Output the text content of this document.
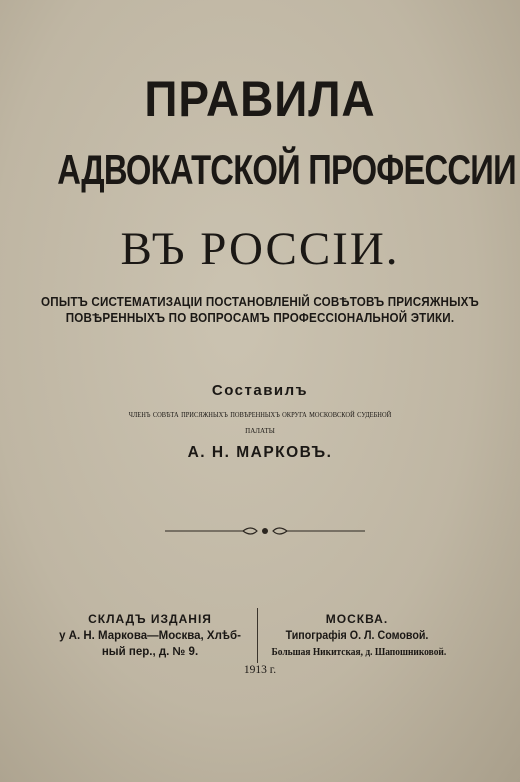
ПРАВИЛА
АДВОКАТСКОЙ ПРОФЕССИИ
ВЪ РОССІИ.
ОПЫТЪ СИСТЕМАТИЗАЦІИ ПОСТАНОВЛЕНІЙ СОВѢТОВЪ ПРИСЯЖНЫХЪ
ПОВѢРЕННЫХЪ ПО ВОПРОСАМЪ ПРОФЕССІОНАЛЬНОЙ ЭТИКИ.
Составилъ
членъ совѣта присяжныхъ повѣренныхъ округа московской судебной
палаты
А. Н. МАРКОВЪ.
СКЛАДЪ ИЗДАНІЯ
у А. Н. Маркова—Москва, Хлѣб-
ный пер., д. № 9.
МОСКВА.
Типографія О. Л. Сомовой.
Большая Никитская, д. Шапошниковой.
1913 г.
